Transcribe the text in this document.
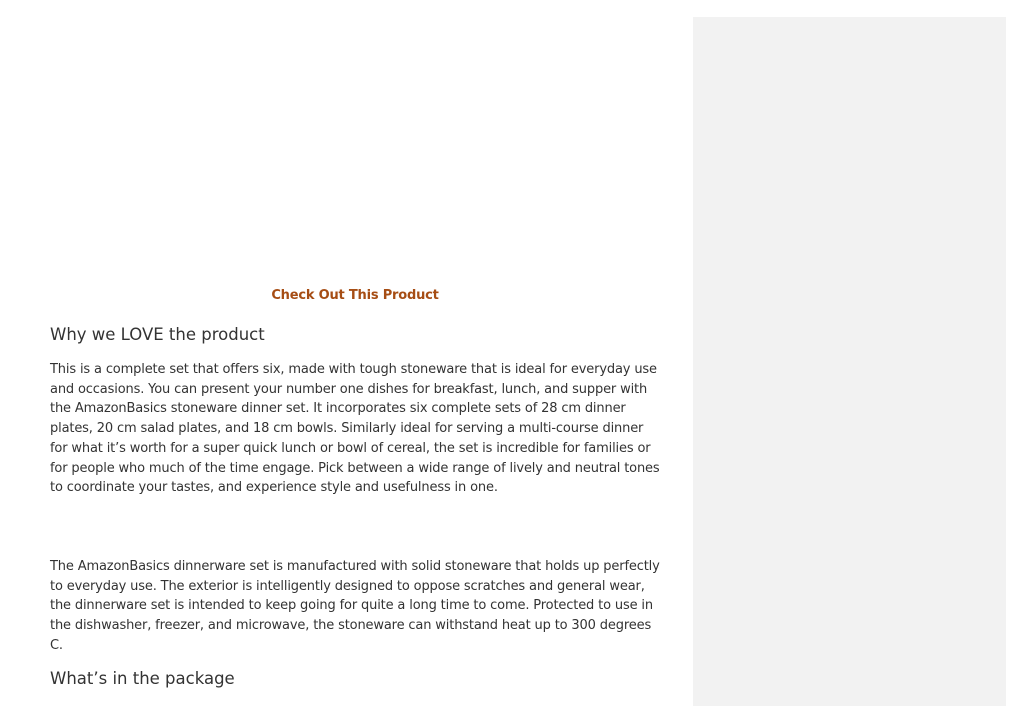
Check Out This Product
Why we LOVE the product

This is a complete set that offers six, made with tough stoneware that is ideal for everyday use and occasions. You can present your number one dishes for breakfast, lunch, and supper with the AmazonBasics stoneware dinner set. It incorporates six complete sets of 28 cm dinner plates, 20 cm salad plates, and 18 cm bowls. Similarly ideal for serving a multi-course dinner for what it’s worth for a super quick lunch or bowl of cereal, the set is incredible for families or for people who much of the time engage. Pick between a wide range of lively and neutral tones to coordinate your tastes, and experience style and usefulness in one.

The AmazonBasics dinnerware set is manufactured with solid stoneware that holds up perfectly to everyday use. The exterior is intelligently designed to oppose scratches and general wear, the dinnerware set is intended to keep going for quite a long time to come. Protected to use in the dishwasher, freezer, and microwave, the stoneware can withstand heat up to 300 degrees C.

What’s in the package
